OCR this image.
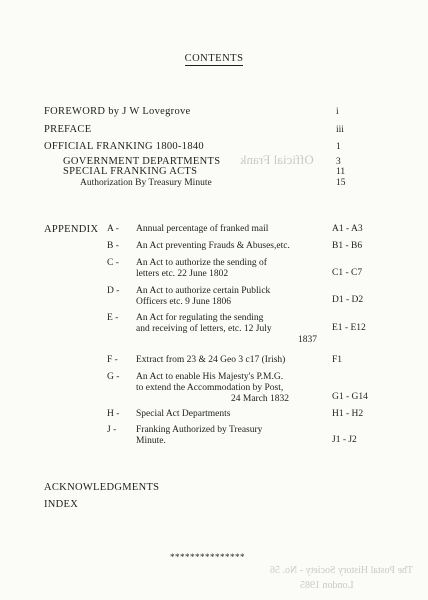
Official Frank
The Postal History Society - No. 56
London 1985
CONTENTS
FOREWORD by J W Lovegrove	i
PREFACE	iii
OFFICIAL FRANKING 1800-1840	1
GOVERNMENT DEPARTMENTS	3
SPECIAL FRANKING ACTS	11
Authorization By Treasury Minute	15
APPENDIX A - Annual percentage of franked mail	A1 - A3
B - An Act preventing Frauds & Abuses,etc.	B1 - B6
C - An Act to authorize the sending of
letters etc. 22 June 1802	C1 - C7
D - An Act to authorize certain Publick
Officers etc. 9 June 1806	D1 - D2
E - An Act for regulating the sending
and receiving of letters, etc. 12 July
1837
E1 - E12
F - Extract from 23 & 24 Geo 3 c17 (Irish)	F1
G - An Act to enable His Majesty's P.M.G.
to extend the Accommodation by Post,
24 March 1832	G1 - G14
H - Special Act Departments	H1 - H2
J - Franking Authorized by Treasury
Minute.	J1 - J2
ACKNOWLEDGMENTS
INDEX
***************
